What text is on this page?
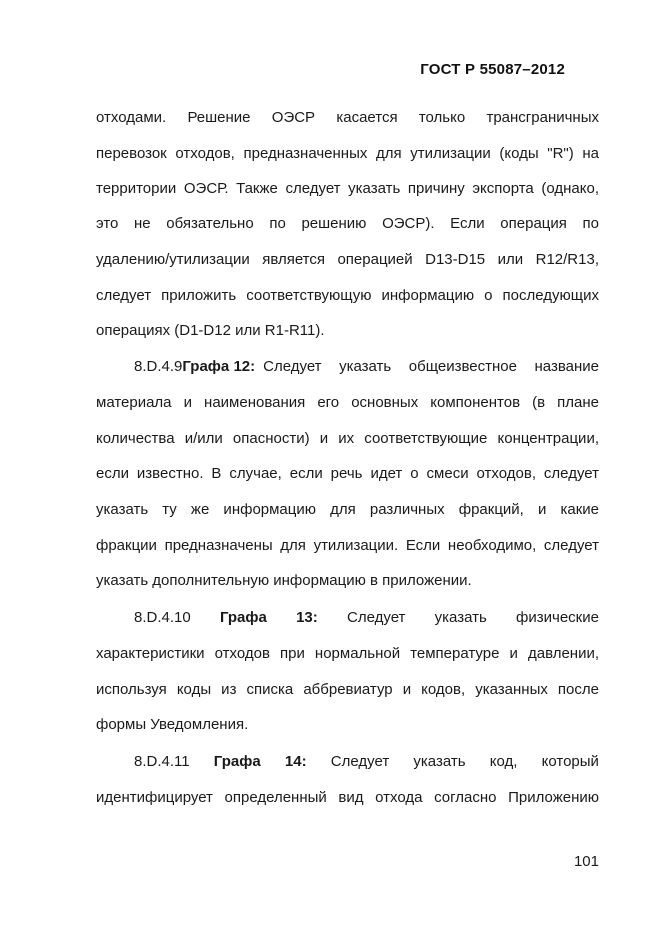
ГОСТ Р 55087–2012
отходами. Решение ОЭСР касается только трансграничных
перевозок отходов, предназначенных для утилизации (коды "R") на
территории ОЭСР. Также следует указать причину экспорта (однако,
это не обязательно по решению ОЭСР). Если операция по
удалению/утилизации является операцией D13-D15 или R12/R13,
следует приложить соответствующую информацию о последующих
операциях (D1-D12 или R1-R11).
8.D.4.9 Графа 12: Следует указать общеизвестное название
материала и наименования его основных компонентов (в плане
количества и/или опасности) и их соответствующие концентрации,
если известно. В случае, если речь идет о смеси отходов, следует
указать ту же информацию для различных фракций, и какие
фракции предназначены для утилизации. Если необходимо, следует
указать дополнительную информацию в приложении.
8.D.4.10 Графа 13: Следует указать физические
характеристики отходов при нормальной температуре и давлении,
используя коды из списка аббревиатур и кодов, указанных после
формы Уведомления.
8.D.4.11 Графа 14: Следует указать код, который
идентифицирует определенный вид отхода согласно Приложению
101
